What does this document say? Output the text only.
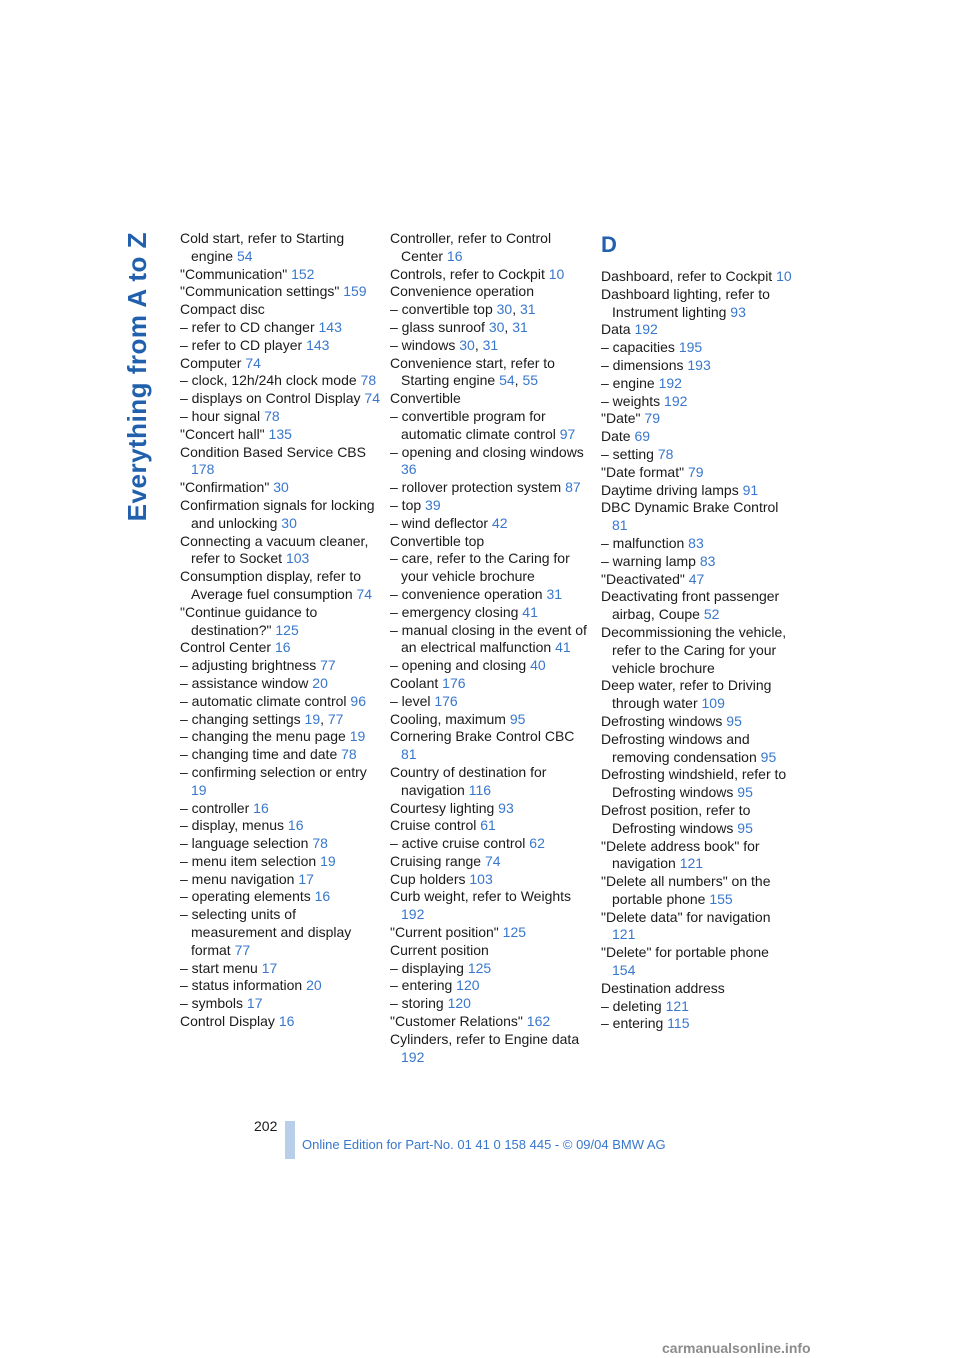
Everything from A to Z Cold start, refer to Starting engine 54
"Communication" 152
"Communication settings" 159
Compact disc
– refer to CD changer 143
– refer to CD player 143
Computer 74
– clock, 12h/24h clock mode 78
– displays on Control Display 74
– hour signal 78
"Concert hall" 135
Condition Based Service CBS 178
"Confirmation" 30
Confirmation signals for locking and unlocking 30
Connecting a vacuum cleaner, refer to Socket 103
Consumption display, refer to Average fuel consumption 74
"Continue guidance to destination?" 125
Control Center 16
– adjusting brightness 77
– assistance window 20
– automatic climate control 96
– changing settings 19, 77
– changing the menu page 19
– changing time and date 78
– confirming selection or entry 19
– controller 16
– display, menus 16
– language selection 78
– menu item selection 19
– menu navigation 17
– operating elements 16
– selecting units of measurement and display format 77
– start menu 17
– status information 20
– symbols 17
Control Display 16
Controller, refer to Control Center 16
Controls, refer to Cockpit 10
Convenience operation
– convertible top 30, 31
– glass sunroof 30, 31
– windows 30, 31
Convenience start, refer to Starting engine 54, 55
Convertible
– convertible program for automatic climate control 97
– opening and closing windows 36
– rollover protection system 87
– top 39
– wind deflector 42
Convertible top
– care, refer to the Caring for your vehicle brochure
– convenience operation 31
– emergency closing 41
– manual closing in the event of an electrical malfunction 41
– opening and closing 40
Coolant 176
– level 176
Cooling, maximum 95
Cornering Brake Control CBC 81
Country of destination for navigation 116
Courtesy lighting 93
Cruise control 61
– active cruise control 62
Cruising range 74
Cup holders 103
Curb weight, refer to Weights 192
"Current position" 125
Current position
– displaying 125
– entering 120
– storing 120
"Customer Relations" 162
Cylinders, refer to Engine data 192
D
Dashboard, refer to Cockpit 10
Dashboard lighting, refer to Instrument lighting 93
Data 192
– capacities 195
– dimensions 193
– engine 192
– weights 192
"Date" 79
Date 69
– setting 78
"Date format" 79
Daytime driving lamps 91
DBC Dynamic Brake Control 81
– malfunction 83
– warning lamp 83
"Deactivated" 47
Deactivating front passenger airbag, Coupe 52
Decommissioning the vehicle, refer to the Caring for your vehicle brochure
Deep water, refer to Driving through water 109
Defrosting windows 95
Defrosting windows and removing condensation 95
Defrosting windshield, refer to Defrosting windows 95
Defrost position, refer to Defrosting windows 95
"Delete address book" for navigation 121
"Delete all numbers" on the portable phone 155
"Delete data" for navigation 121
"Delete" for portable phone 154
Destination address
– deleting 121
– entering 115
202
Online Edition for Part-No. 01 41 0 158 445 - © 09/04 BMW AG
carmanualsonline.info
